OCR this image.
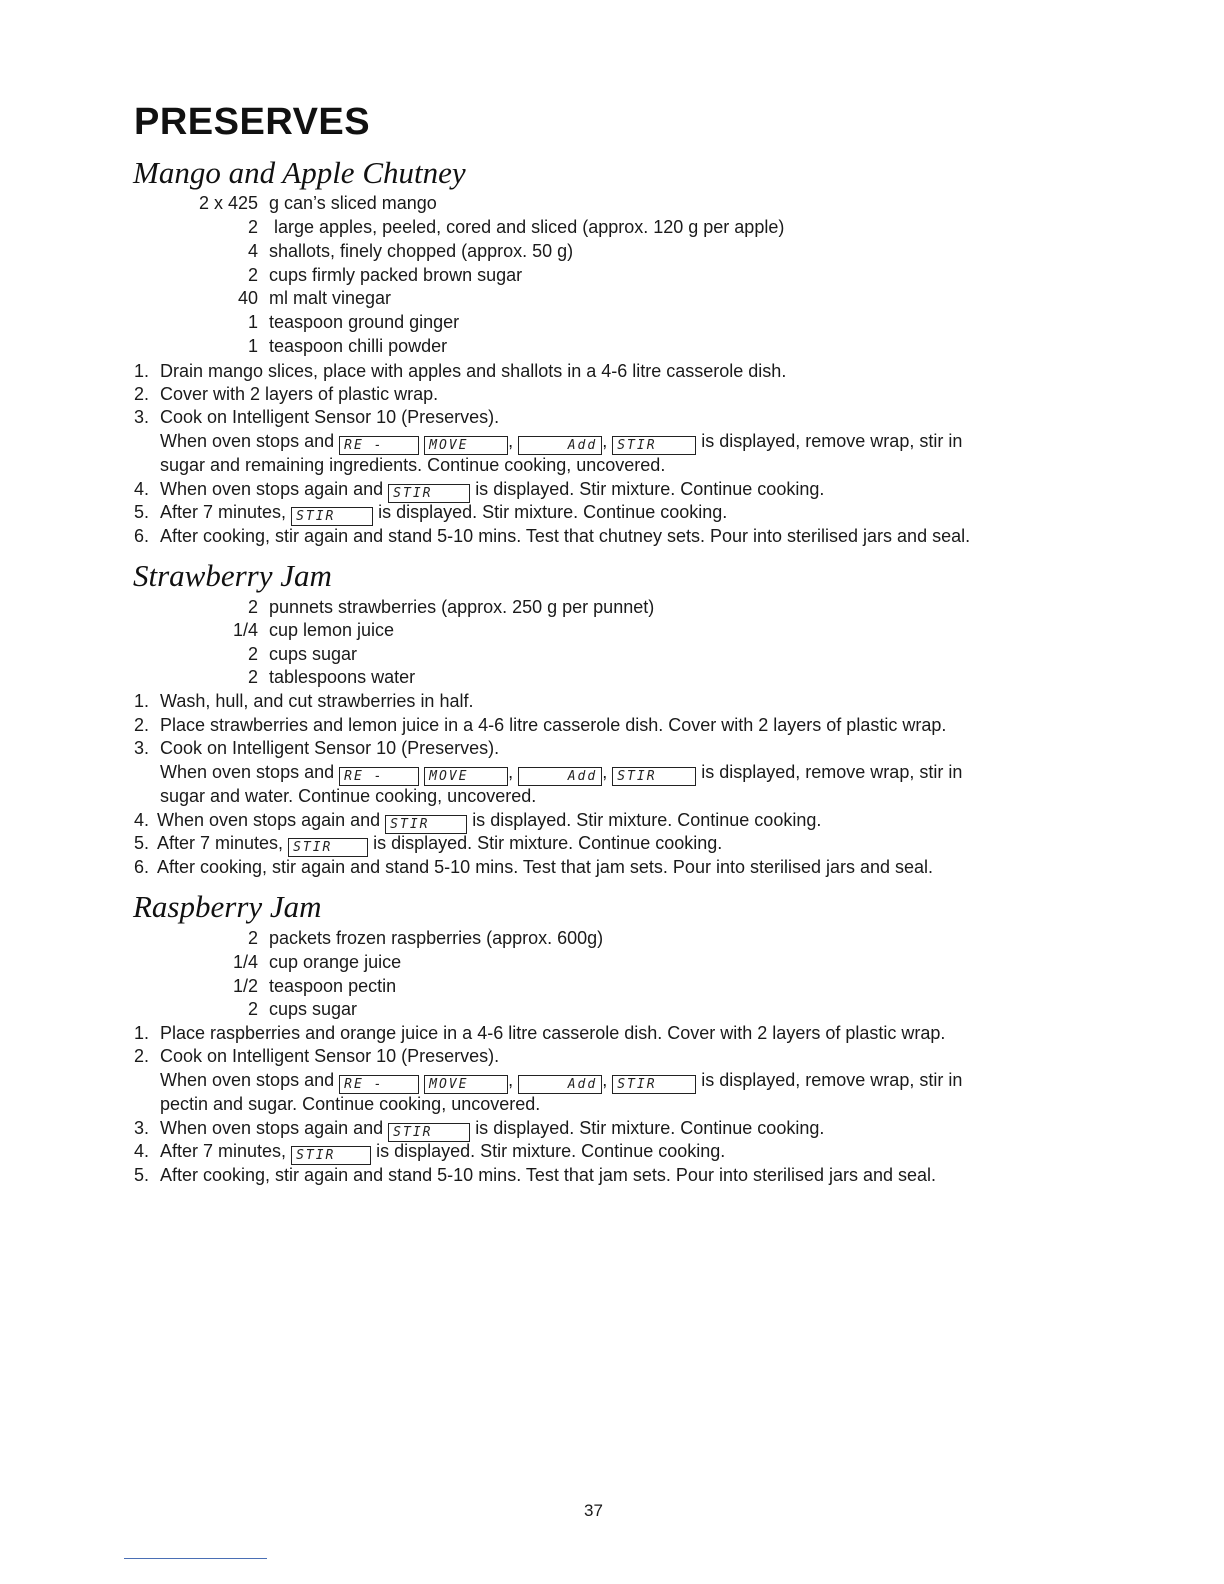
PRESERVES
Mango and Apple Chutney
2 x 425 g can’s sliced mango
2 large apples, peeled, cored and sliced (approx. 120 g per apple)
4 shallots, finely chopped (approx. 50 g)
2 cups firmly packed brown sugar
40 ml malt vinegar
1 teaspoon ground ginger
1 teaspoon chilli powder
1. Drain mango slices, place with apples and shallots in a 4-6 litre casserole dish.
2. Cover with 2 layers of plastic wrap.
3. Cook on Intelligent Sensor 10 (Preserves).
When oven stops and RE -	MOVE ,	Add , STIR is displayed, remove wrap, stir in
sugar and remaining ingredients. Continue cooking, uncovered.
4. When oven stops again and STIR is displayed. Stir mixture. Continue cooking.
5. After 7 minutes, STIR is displayed. Stir mixture. Continue cooking.
6. After cooking, stir again and stand 5-10 mins. Test that chutney sets. Pour into sterilised jars and seal.
Strawberry Jam
2 punnets strawberries (approx. 250 g per punnet)
1/4 cup lemon juice
2 cups sugar
2 tablespoons water
1. Wash, hull, and cut strawberries in half.
2. Place strawberries and lemon juice in a 4-6 litre casserole dish. Cover with 2 layers of plastic wrap.
3. Cook on Intelligent Sensor 10 (Preserves).
When oven stops and RE -	MOVE ,	Add , STIR is displayed, remove wrap, stir in
sugar and water. Continue cooking, uncovered.
4. When oven stops again and STIR is displayed. Stir mixture. Continue cooking.
5. After 7 minutes, STIR is displayed. Stir mixture. Continue cooking.
6. After cooking, stir again and stand 5-10 mins. Test that jam sets. Pour into sterilised jars and seal.
Raspberry Jam
2 packets frozen raspberries (approx. 600g)
1/4 cup orange juice
1/2 teaspoon pectin
2 cups sugar
1. Place raspberries and orange juice in a 4-6 litre casserole dish. Cover with 2 layers of plastic wrap.
2. Cook on Intelligent Sensor 10 (Preserves).
When oven stops and RE -	MOVE ,	Add , STIR is displayed, remove wrap, stir in
pectin and sugar. Continue cooking, uncovered.
3. When oven stops again and STIR is displayed. Stir mixture. Continue cooking.
4. After 7 minutes, STIR is displayed. Stir mixture. Continue cooking.
5. After cooking, stir again and stand 5-10 mins. Test that jam sets. Pour into sterilised jars and seal.

37
